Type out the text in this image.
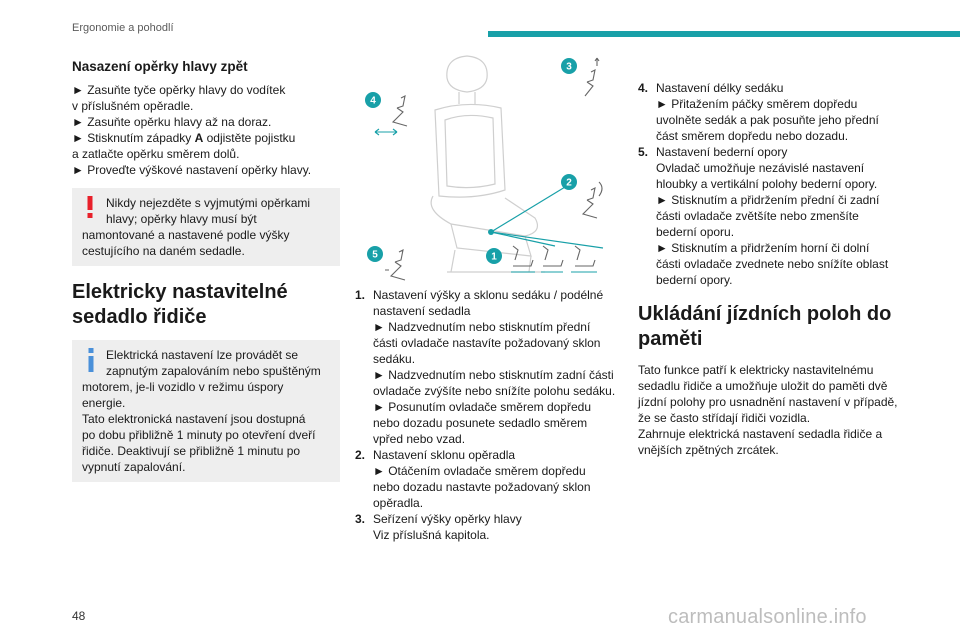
Ergonomie a pohodlí
Nasazení opěrky hlavy zpět
► Zasuňte tyče opěrky hlavy do vodítek
v příslušném opěradle.
► Zasuňte opěrku hlavy až na doraz.
► Stisknutím západky A odjistěte pojistku
a zatlačte opěrku směrem dolů.
► Proveďte výškové nastavení opěrky hlavy.
Nikdy nejezděte s vyjmutými opěrkami
hlavy; opěrky hlavy musí být
namontované a nastavené podle výšky
cestujícího na daném sedadle.
Elektricky nastavitelné
sedadlo řidiče
Elektrická nastavení lze provádět se
zapnutým zapalováním nebo spuštěným
motorem, je-li vozidlo v režimu úspory
energie.
Tato elektronická nastavení jsou dostupná
po dobu přibližně 1 minuty po otevření dveří
řidiče. Deaktivují se přibližně 1 minutu po
vypnutí zapalování.
3
4
2
5	1
1. Nastavení výšky a sklonu sedáku / podélné
nastavení sedadla
► Nadzvednutím nebo stisknutím přední
části ovladače nastavíte požadovaný sklon
sedáku.
► Nadzvednutím nebo stisknutím zadní části
ovladače zvýšíte nebo snížíte polohu sedáku.
► Posunutím ovladače směrem dopředu
nebo dozadu posunete sedadlo směrem
vpřed nebo vzad.
2. Nastavení sklonu opěradla
► Otáčením ovladače směrem dopředu
nebo dozadu nastavte požadovaný sklon
opěradla.
3. Seřízení výšky opěrky hlavy
Viz příslušná kapitola.
4. Nastavení délky sedáku
► Přitažením páčky směrem dopředu
uvolněte sedák a pak posuňte jeho přední
část směrem dopředu nebo dozadu.
5. Nastavení bederní opory
Ovladač umožňuje nezávislé nastavení
hloubky a vertikální polohy bederní opory.
► Stisknutím a přidržením přední či zadní
části ovladače zvětšíte nebo zmenšíte
bederní oporu.
► Stisknutím a přidržením horní či dolní
části ovladače zvednete nebo snížíte oblast
bederní opory.
Ukládání jízdních poloh do
paměti
Tato funkce patří k elektricky nastavitelnému
sedadlu řidiče a umožňuje uložit do paměti dvě
jízdní polohy pro usnadnění nastavení v případě,
že se často střídají řidiči vozidla.
Zahrnuje elektrická nastavení sedadla řidiče a
vnějších zpětných zrcátek.
48	carmanualsonline.info
